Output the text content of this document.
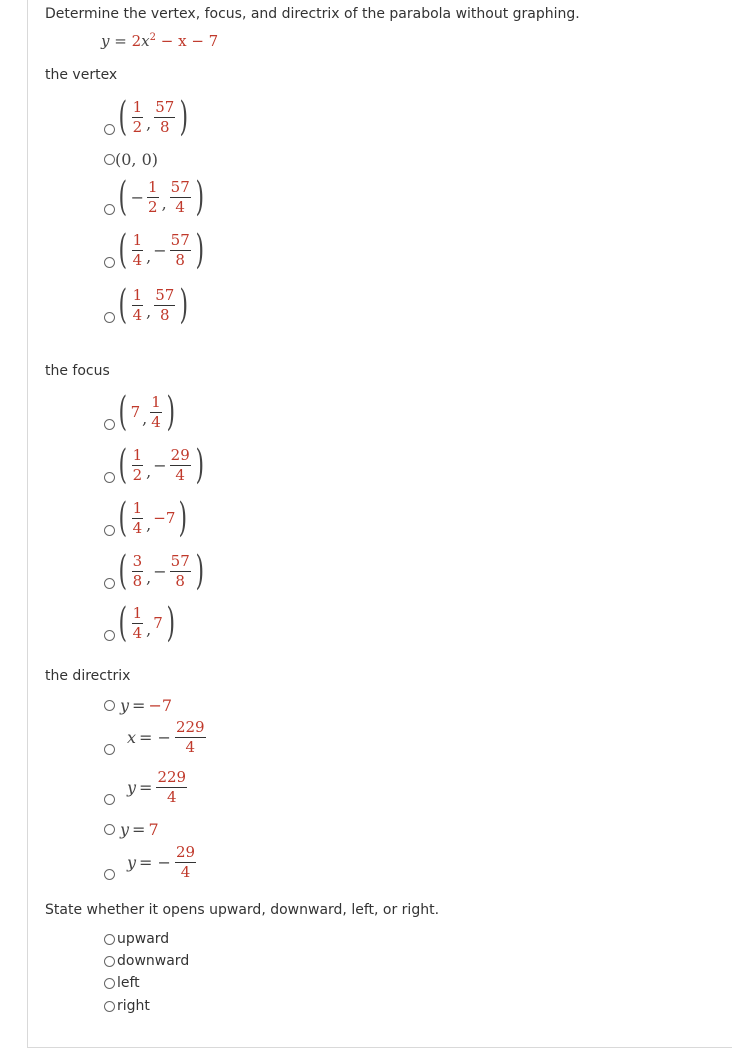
Determine the vertex, focus, and directrix of the parabola without graphing.
$y = 2x^2 - x - 7$
the vertex
( $\frac{1}{2}$ , $\frac{57}{8}$ )
(0, 0)
( − $\frac{1}{2}$ , $\frac{57}{4}$ )
( $\frac{1}{4}$ , − $\frac{57}{8}$ )
( $\frac{1}{4}$ , $\frac{57}{8}$ )
the focus
( 7 , $\frac{1}{4}$ )
( $\frac{1}{2}$ , − $\frac{29}{4}$ )
( $\frac{1}{4}$ , −7 )
( $\frac{3}{8}$ , − $\frac{57}{8}$ )
( $\frac{1}{4}$ , 7 )
the directrix
y = −7
x = − $\frac{229}{4}$
$y = \frac{229}{4}$
y = 7
y = − $\frac{29}{4}$
State whether it opens upward, downward, left, or right.
upward
downward
left
right
